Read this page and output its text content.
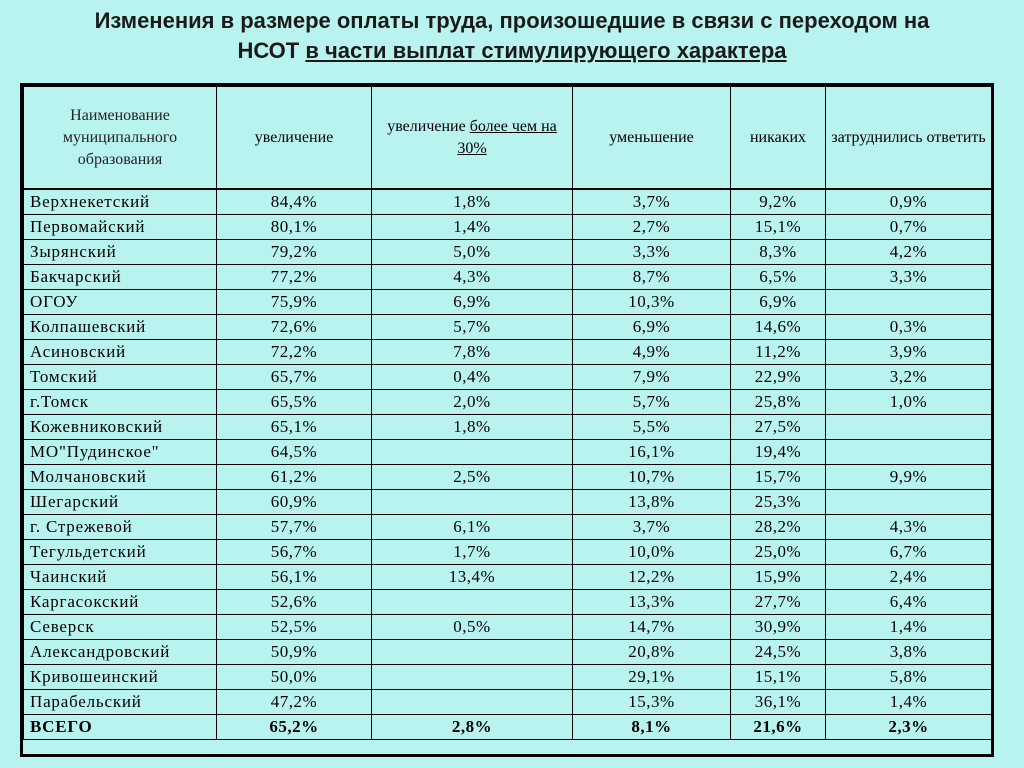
Изменения в размере оплаты труда, произошедшие в связи с переходом на
НСОТ в части выплат стимулирующего характера
Наименование муниципального образования	увеличение	увеличение более чем на 30%	уменьшение	никаких	затруднились ответить
Верхнекетский	84,4%	1,8%	3,7%	9,2%	0,9%
Первомайский	80,1%	1,4%	2,7%	15,1%	0,7%
Зырянский	79,2%	5,0%	3,3%	8,3%	4,2%
Бакчарский	77,2%	4,3%	8,7%	6,5%	3,3%
ОГОУ	75,9%	6,9%	10,3%	6,9%	
Колпашевский	72,6%	5,7%	6,9%	14,6%	0,3%
Асиновский	72,2%	7,8%	4,9%	11,2%	3,9%
Томский	65,7%	0,4%	7,9%	22,9%	3,2%
г.Томск	65,5%	2,0%	5,7%	25,8%	1,0%
Кожевниковский	65,1%	1,8%	5,5%	27,5%	
МО"Пудинское"	64,5%		16,1%	19,4%	
Молчановский	61,2%	2,5%	10,7%	15,7%	9,9%
Шегарский	60,9%		13,8%	25,3%	
г. Стрежевой	57,7%	6,1%	3,7%	28,2%	4,3%
Тегульдетский	56,7%	1,7%	10,0%	25,0%	6,7%
Чаинский	56,1%	13,4%	12,2%	15,9%	2,4%
Каргасокский	52,6%		13,3%	27,7%	6,4%
Северск	52,5%	0,5%	14,7%	30,9%	1,4%
Александровский	50,9%		20,8%	24,5%	3,8%
Кривошеинский	50,0%		29,1%	15,1%	5,8%
Парабельский	47,2%		15,3%	36,1%	1,4%
ВСЕГО	65,2%	2,8%	8,1%	21,6%	2,3%
